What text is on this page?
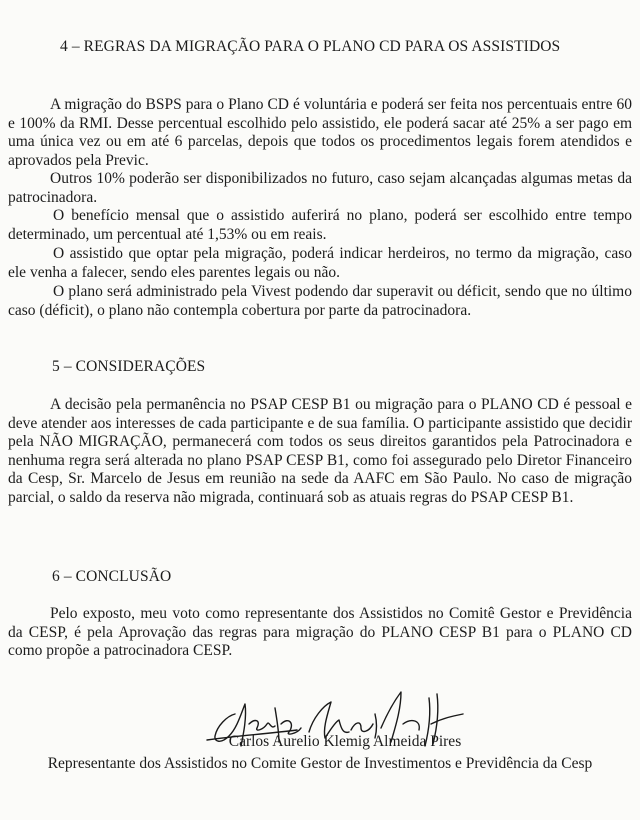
4 – REGRAS DA MIGRAÇÃO PARA O PLANO CD PARA OS ASSISTIDOS

A migração do BSPS para o Plano CD é voluntária e poderá ser feita nos percentuais entre 60 e 100% da RMI. Desse percentual escolhido pelo assistido, ele poderá sacar até 25% a ser pago em uma única vez ou em até 6 parcelas, depois que todos os procedimentos legais forem atendidos e aprovados pela Previc.

Outros 10% poderão ser disponibilizados no futuro, caso sejam alcançadas algumas metas da patrocinadora.

O benefício mensal que o assistido auferirá no plano, poderá ser escolhido entre tempo determinado, um percentual até 1,53% ou em reais.

O assistido que optar pela migração, poderá indicar herdeiros, no termo da migração, caso ele venha a falecer, sendo eles parentes legais ou não.

O plano será administrado pela Vivest podendo dar superavit ou déficit, sendo que no último caso (déficit), o plano não contempla cobertura por parte da patrocinadora.

5 – CONSIDERAÇÕES

A decisão pela permanência no PSAP CESP B1 ou migração para o PLANO CD é pessoal e deve atender aos interesses de cada participante e de sua família. O participante assistido que decidir pela NÃO MIGRAÇÃO, permanecerá com todos os seus direitos garantidos pela Patrocinadora e nenhuma regra será alterada no plano PSAP CESP B1, como foi assegurado pelo Diretor Financeiro da Cesp, Sr. Marcelo de Jesus em reunião na sede da AAFC em São Paulo. No caso de migração parcial, o saldo da reserva não migrada, continuará sob as atuais regras do PSAP CESP B1.

6 – CONCLUSÃO

Pelo exposto, meu voto como representante dos Assistidos no Comitê Gestor e Previdência da CESP, é pela Aprovação das regras para migração do PLANO CESP B1 para o PLANO CD como propõe a patrocinadora CESP.

Carlos Aurelio Klemig Almeida Pires
Representante dos Assistidos no Comite Gestor de Investimentos e Previdência da Cesp
